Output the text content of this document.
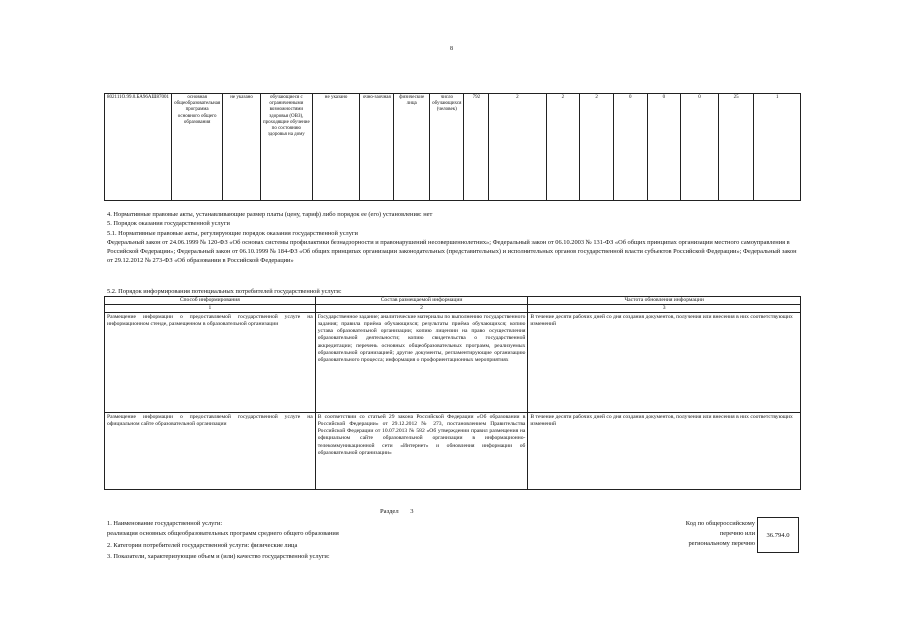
8
802111О.99.0.БА96АШ87001	основная общеобразовательная программа основного общего образования	не указано	обучающиеся с ограниченными возможностями здоровья (ОВЗ), проходящие обучение по состоянию здоровья на дому	не указано	очно-заочная	физические лица	число обучающихся (человек)	792	2	2	2	0	0	0	25	1
4. Нормативные правовые акты, устанавливающие размер платы (цену, тариф) либо порядок ее (его) установления: нет
5. Порядок оказания государственной услуги
5.1. Нормативные правовые акты, регулирующие порядок оказания государственной услуги
Федеральный закон от 24.06.1999 № 120-ФЗ «Об основах системы профилактики безнадзорности и правонарушений несовершеннолетних»; Федеральный закон от 06.10.2003 № 131-ФЗ «Об общих принципах организации местного самоуправления в Российской Федерации»; Федеральный закон от 06.10.1999 № 184-ФЗ «Об общих принципах организации законодательных (представительных) и исполнительных органов государственной власти субъектов Российской Федерации»; Федеральный закон от 29.12.2012 № 273-ФЗ «Об образовании в Российской Федерации»
5.2. Порядок информирования потенциальных потребителей государственной услуги:
Способ информирования	Состав размещаемой информации	Частота обновления информации
1	2	3
Размещение информации о предоставляемой государственной услуге на информационном стенде, размещенном в образовательной организации	Государственное задание; аналитические материалы по выполнению государственного задания; правила приёма обучающихся; результаты приёма обучающихся; копию устава образовательной организации; копию лицензии на право осуществления образовательной деятельности; копию свидетельства о государственной аккредитации; перечень основных общеобразовательных программ, реализуемых образовательной организацией; другие документы, регламентирующие организацию образовательного процесса; информация о профориентационных мероприятиях	В течение десяти рабочих дней со дня создания документов, получения или внесения в них соответствующих изменений
Размещение информации о предоставляемой государственной услуге на официальном сайте образовательной организации	В соответствии со статьей 29 закона Российской Федерации «Об образовании в Российской Федерации» от 29.12.2012 № 273, постановлением Правительства Российской Федерации от 10.07.2013 № 582 «Об утверждении правил размещения на официальном сайте образовательной организации в информационно-телекоммуникационной сети «Интернет» и обновления информации об образовательной организации»	В течение десяти рабочих дней со дня создания документов, получения или внесения в них соответствующих изменений
Раздел 3
1. Наименование государственной услуги:
реализация основных общеобразовательных программ среднего общего образования
2. Категории потребителей государственной услуги: физические лица
3. Показатели, характеризующие объем и (или) качество государственной услуги:
Код по общероссийскому
перечню или
региональному перечню
36.794.0
